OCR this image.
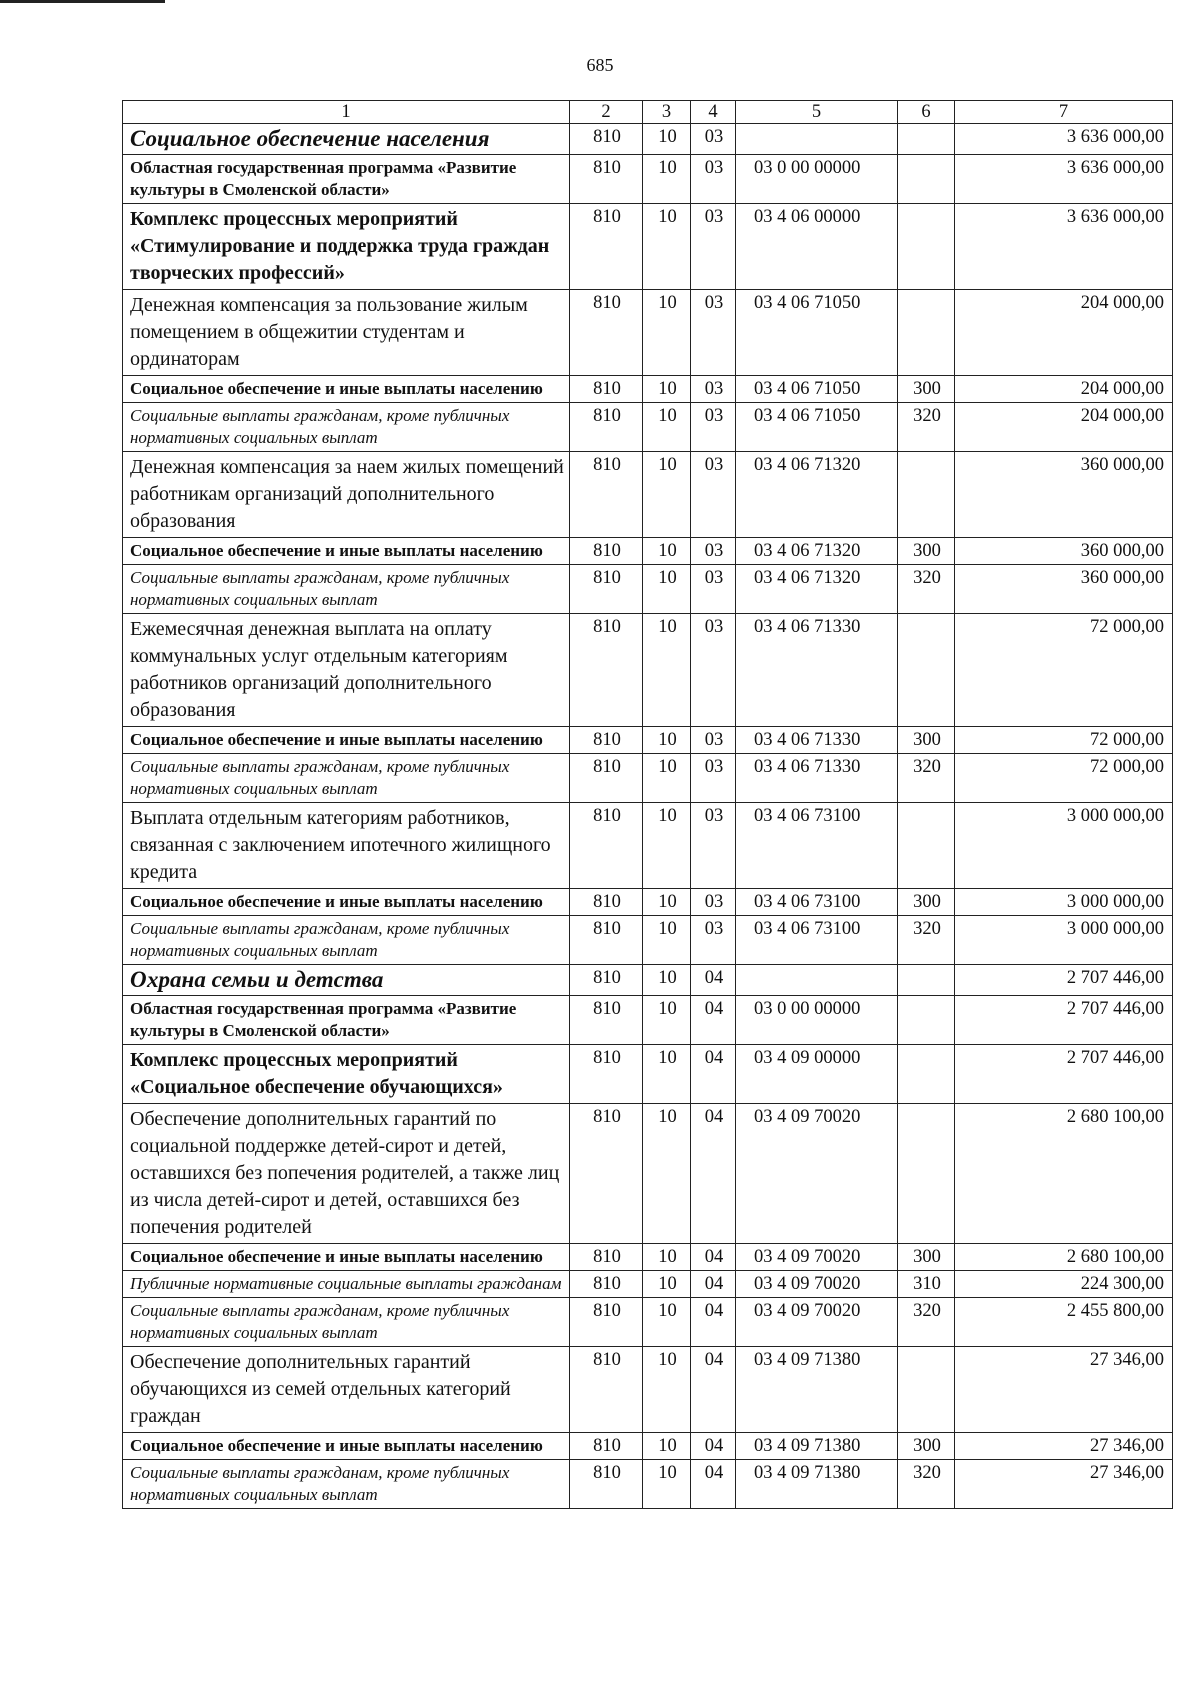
685
1	2	3	4	5	6	7
Социальное обеспечение населения	810	10	03			3 636 000,00
Областная государственная программа «Развитие культуры в Смоленской области»	810	10	03	03 0 00 00000		3 636 000,00
Комплекс процессных мероприятий «Стимулирование и поддержка труда граждан творческих профессий»	810	10	03	03 4 06 00000		3 636 000,00
Денежная компенсация за пользование жилым помещением в общежитии студентам и ординаторам	810	10	03	03 4 06 71050		204 000,00
Социальное обеспечение и иные выплаты населению	810	10	03	03 4 06 71050	300	204 000,00
Социальные выплаты гражданам, кроме публичных нормативных социальных выплат	810	10	03	03 4 06 71050	320	204 000,00
Денежная компенсация за наем жилых помещений работникам организаций дополнительного образования	810	10	03	03 4 06 71320		360 000,00
Социальное обеспечение и иные выплаты населению	810	10	03	03 4 06 71320	300	360 000,00
Социальные выплаты гражданам, кроме публичных нормативных социальных выплат	810	10	03	03 4 06 71320	320	360 000,00
Ежемесячная денежная выплата на оплату коммунальных услуг отдельным категориям работников организаций дополнительного образования	810	10	03	03 4 06 71330		72 000,00
Социальное обеспечение и иные выплаты населению	810	10	03	03 4 06 71330	300	72 000,00
Социальные выплаты гражданам, кроме публичных нормативных социальных выплат	810	10	03	03 4 06 71330	320	72 000,00
Выплата отдельным категориям работников, связанная с заключением ипотечного жилищного кредита	810	10	03	03 4 06 73100		3 000 000,00
Социальное обеспечение и иные выплаты населению	810	10	03	03 4 06 73100	300	3 000 000,00
Социальные выплаты гражданам, кроме публичных нормативных социальных выплат	810	10	03	03 4 06 73100	320	3 000 000,00
Охрана семьи и детства	810	10	04			2 707 446,00
Областная государственная программа «Развитие культуры в Смоленской области»	810	10	04	03 0 00 00000		2 707 446,00
Комплекс процессных мероприятий «Социальное обеспечение обучающихся»	810	10	04	03 4 09 00000		2 707 446,00
Обеспечение дополнительных гарантий по социальной поддержке детей-сирот и детей, оставшихся без попечения родителей, а также лиц из числа детей-сирот и детей, оставшихся без попечения родителей	810	10	04	03 4 09 70020		2 680 100,00
Социальное обеспечение и иные выплаты населению	810	10	04	03 4 09 70020	300	2 680 100,00
Публичные нормативные социальные выплаты гражданам	810	10	04	03 4 09 70020	310	224 300,00
Социальные выплаты гражданам, кроме публичных нормативных социальных выплат	810	10	04	03 4 09 70020	320	2 455 800,00
Обеспечение дополнительных гарантий обучающихся из семей отдельных категорий граждан	810	10	04	03 4 09 71380		27 346,00
Социальное обеспечение и иные выплаты населению	810	10	04	03 4 09 71380	300	27 346,00
Социальные выплаты гражданам, кроме публичных нормативных социальных выплат	810	10	04	03 4 09 71380	320	27 346,00
